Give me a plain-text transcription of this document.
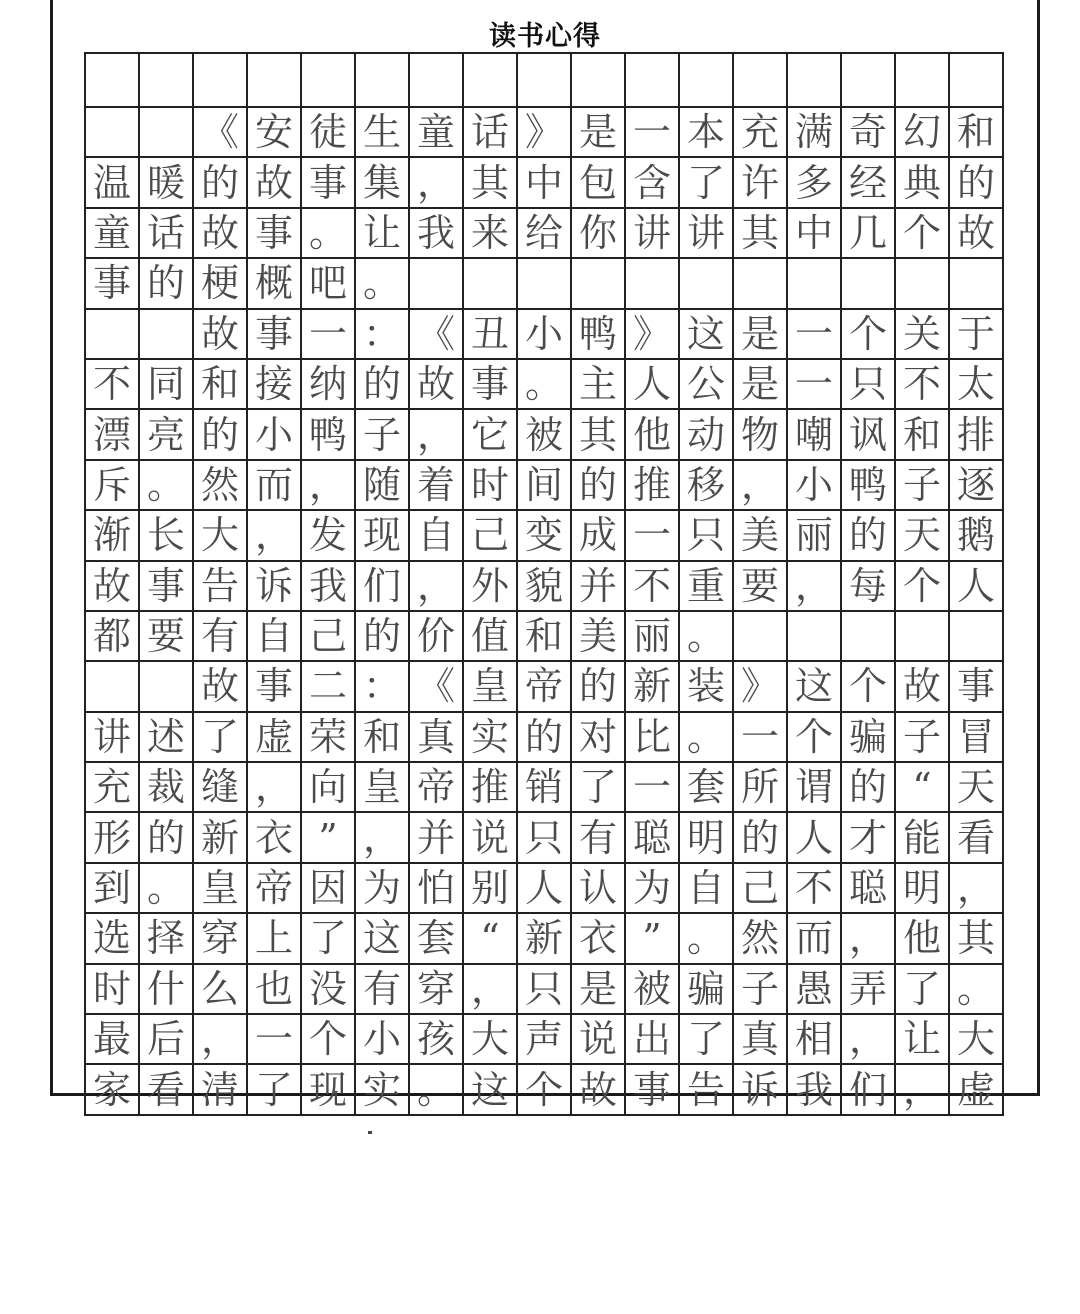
读书心得

		《	安	徒	生	童	话	》	是	一	本	充	满	奇	幻	和
温	暖	的	故	事	集	，	其	中	包	含	了	许	多	经	典	的
童	话	故	事	。	让	我	来	给	你	讲	讲	其	中	几	个	故
事	的	梗	概	吧	。											
		故	事	一	：	《	丑	小	鸭	》	这	是	一	个	关	于
不	同	和	接	纳	的	故	事	。	主	人	公	是	一	只	不	太
漂	亮	的	小	鸭	子	，	它	被	其	他	动	物	嘲	讽	和	排
斥	。	然	而	，	随	着	时	间	的	推	移	，	小	鸭	子	逐
渐	长	大	，	发	现	自	己	变	成	一	只	美	丽	的	天	鹅
故	事	告	诉	我	们	，	外	貌	并	不	重	要	，	每	个	人
都	要	有	自	己	的	价	值	和	美	丽	。					
		故	事	二	：	《	皇	帝	的	新	装	》	这	个	故	事
讲	述	了	虚	荣	和	真	实	的	对	比	。	一	个	骗	子	冒
充	裁	缝	，	向	皇	帝	推	销	了	一	套	所	谓	的	“	天
形	的	新	衣	”	，	并	说	只	有	聪	明	的	人	才	能	看
到	。	皇	帝	因	为	怕	别	人	认	为	自	己	不	聪	明	，
选	择	穿	上	了	这	套	“	新	衣	”	。	然	而	，	他	其
时	什	么	也	没	有	穿	，	只	是	被	骗	子	愚	弄	了	。
最	后	，	一	个	小	孩	大	声	说	出	了	真	相	，	让	大
家	看	清	了	现	实	。	这	个	故	事	告	诉	我	们	，	虚
